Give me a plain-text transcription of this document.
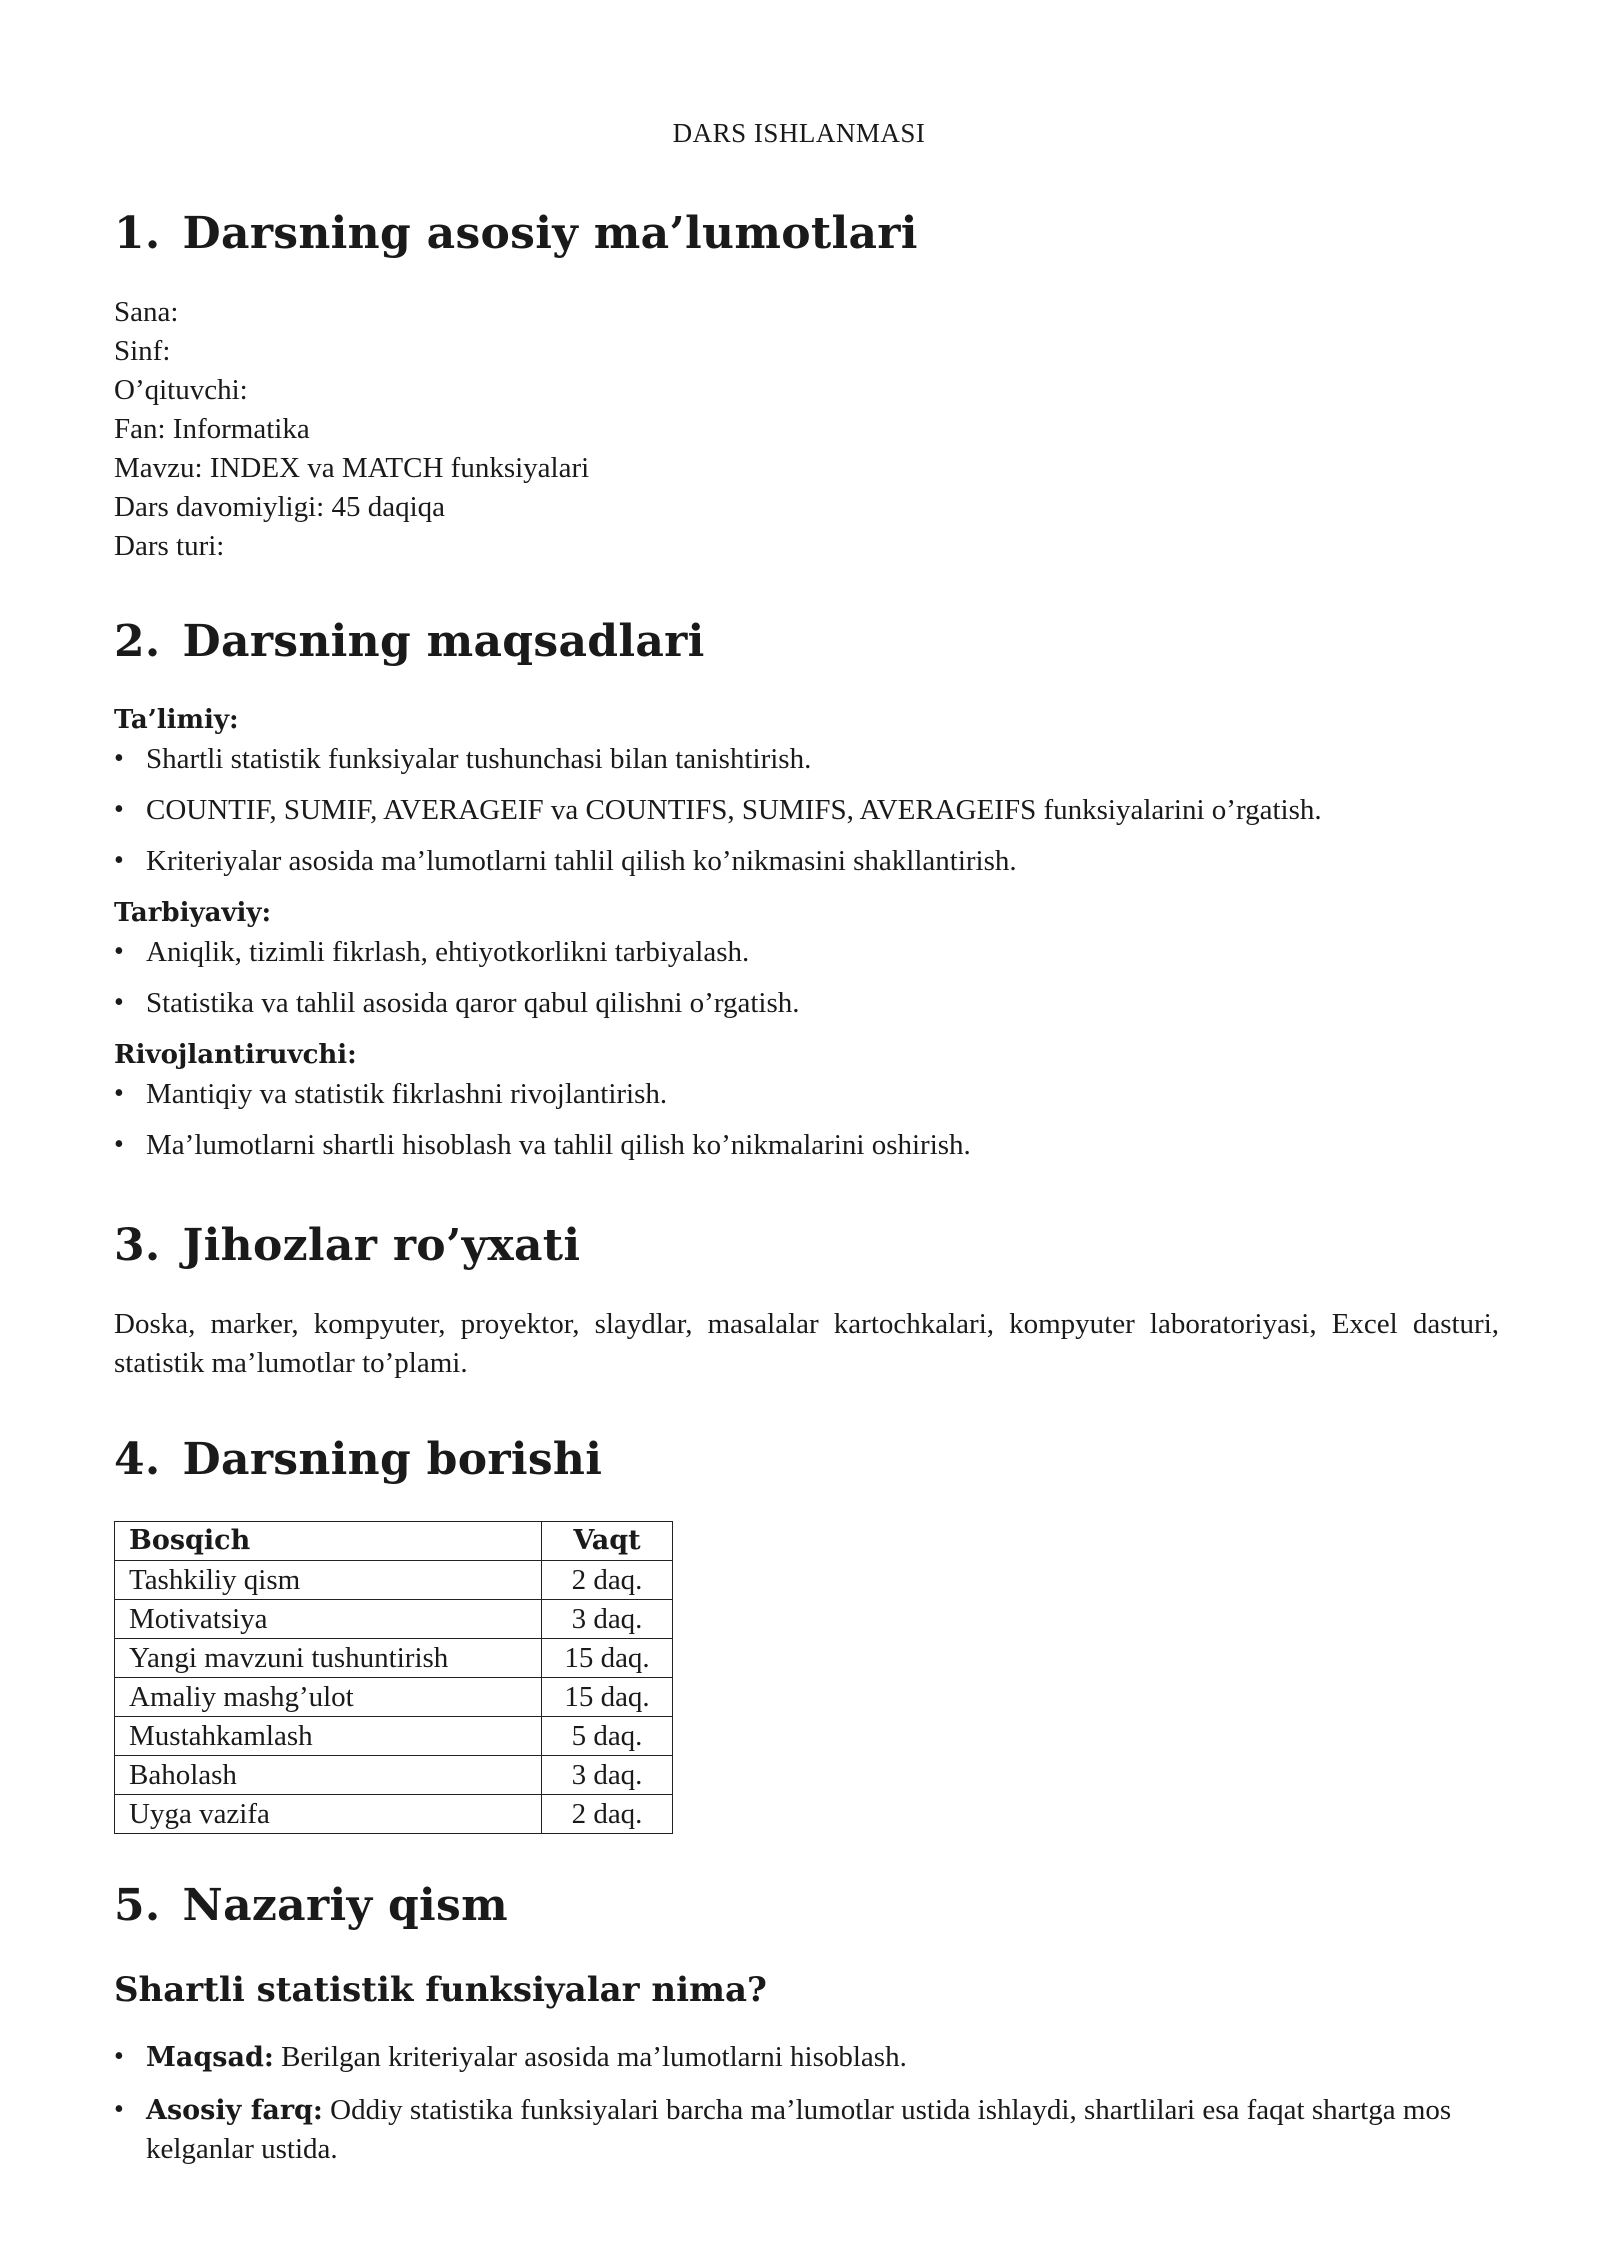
DARS ISHLANMASI
1. Darsning asosiy ma’lumotlari
Sana:
Sinf:
O’qituvchi:
Fan: Informatika
Mavzu: INDEX va MATCH funksiyalari
Dars davomiyligi: 45 daqiqa
Dars turi:
2. Darsning maqsadlari
Ta’limiy:
• Shartli statistik funksiyalar tushunchasi bilan tanishtirish.
• COUNTIF, SUMIF, AVERAGEIF va COUNTIFS, SUMIFS, AVERAGEIFS funksiyalarini o’rgatish.
• Kriteriyalar asosida ma’lumotlarni tahlil qilish ko’nikmasini shakllantirish.
Tarbiyaviy:
• Aniqlik, tizimli fikrlash, ehtiyotkorlikni tarbiyalash.
• Statistika va tahlil asosida qaror qabul qilishni o’rgatish.
Rivojlantiruvchi:
• Mantiqiy va statistik fikrlashni rivojlantirish.
• Ma’lumotlarni shartli hisoblash va tahlil qilish ko’nikmalarini oshirish.
3. Jihozlar ro’yxati
Doska, marker, kompyuter, proyektor, slaydlar, masalalar kartochkalari, kompyuter laboratoriyasi, Excel dasturi, statistik ma’lumotlar to’plami.
4. Darsning borishi
Bosqich	Vaqt
Tashkiliy qism	2 daq.
Motivatsiya	3 daq.
Yangi mavzuni tushuntirish	15 daq.
Amaliy mashg’ulot	15 daq.
Mustahkamlash	5 daq.
Baholash	3 daq.
Uyga vazifa	2 daq.
5. Nazariy qism
Shartli statistik funksiyalar nima?
• Maqsad: Berilgan kriteriyalar asosida ma’lumotlarni hisoblash.
• Asosiy farq: Oddiy statistika funksiyalari barcha ma’lumotlar ustida ishlaydi, shartlilari esa faqat shartga mos kelganlar ustida.
